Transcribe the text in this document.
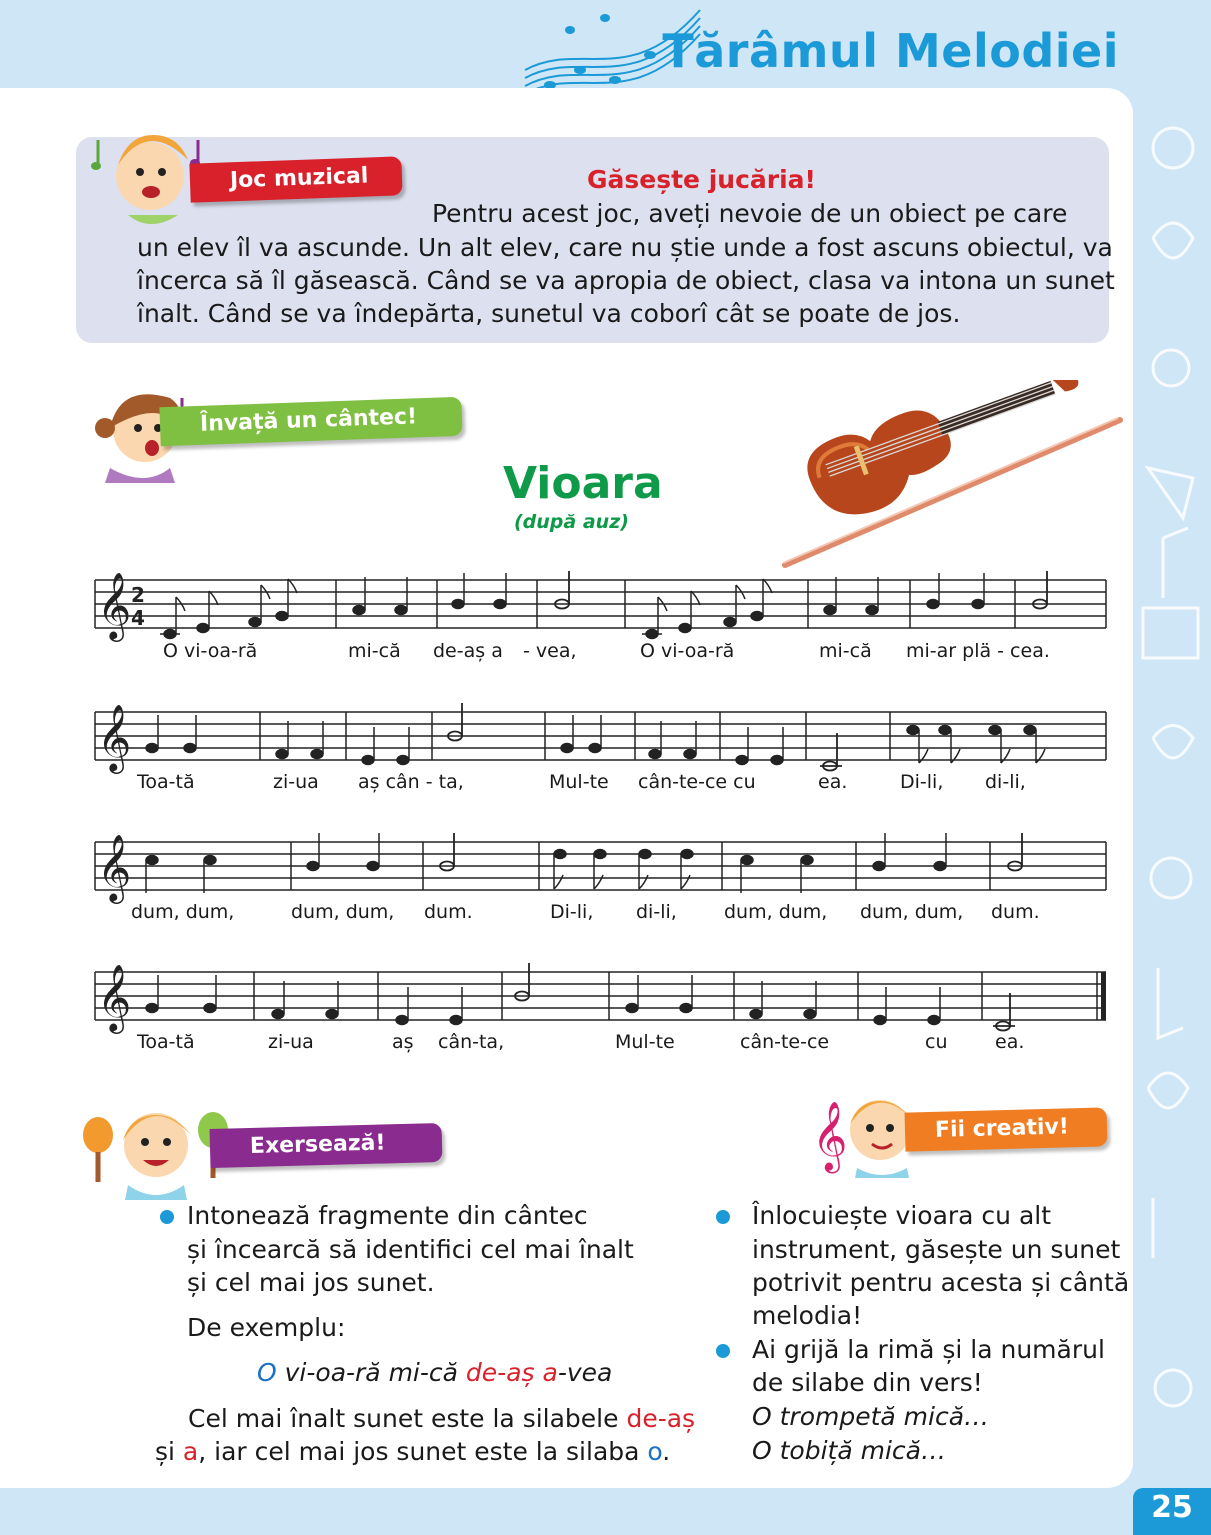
Tărâmul Melodiei
Joc muzical	Găsește jucăria!
Pentru acest joc, aveți nevoie de un obiect pe care
un elev îl va ascunde. Un alt elev, care nu știe unde a fost ascuns obiectul, va
încerca să îl găsească. Când se va apropia de obiect, clasa va intona un sunet
înalt. Când se va îndepărta, sunetul va coborî cât se poate de jos.
Învață un cântec!
Vioara
(după auz)
𝄞 2
4
O vi-oa-ră	mi-că de-aș a - vea,	O vi-oa-ră	mi-că mi-ar plä - cea.
𝄞
Toa-tă	zi-ua aș cân - ta,	Mul-te cân-te-ce cu	ea.	Di-li, di-li,
𝄞
dum, dum,	dum, dum, dum.	Di-li, di-li, dum, dum, dum, dum, dum.
𝄞
Toa-tă	zi-ua	aș cân-ta,	Mul-te	cân-te-ce	cu	ea.
Exersează!
Intonează fragmente din cântec
și încearcă să identifici cel mai înalt
și cel mai jos sunet.
De exemplu:
O vi-oa-ră mi-că de-aș a-vea
Cel mai înalt sunet este la silabele de-aș
și a, iar cel mai jos sunet este la silaba o.
𝄞	Fii creativ!
Înlocuiește vioara cu alt
instrument, găsește un sunet
potrivit pentru acesta și cântă
melodia!
Ai grijă la rimă și la numărul
de silabe din vers!
O trompetă mică…
O tobiță mică…
25
